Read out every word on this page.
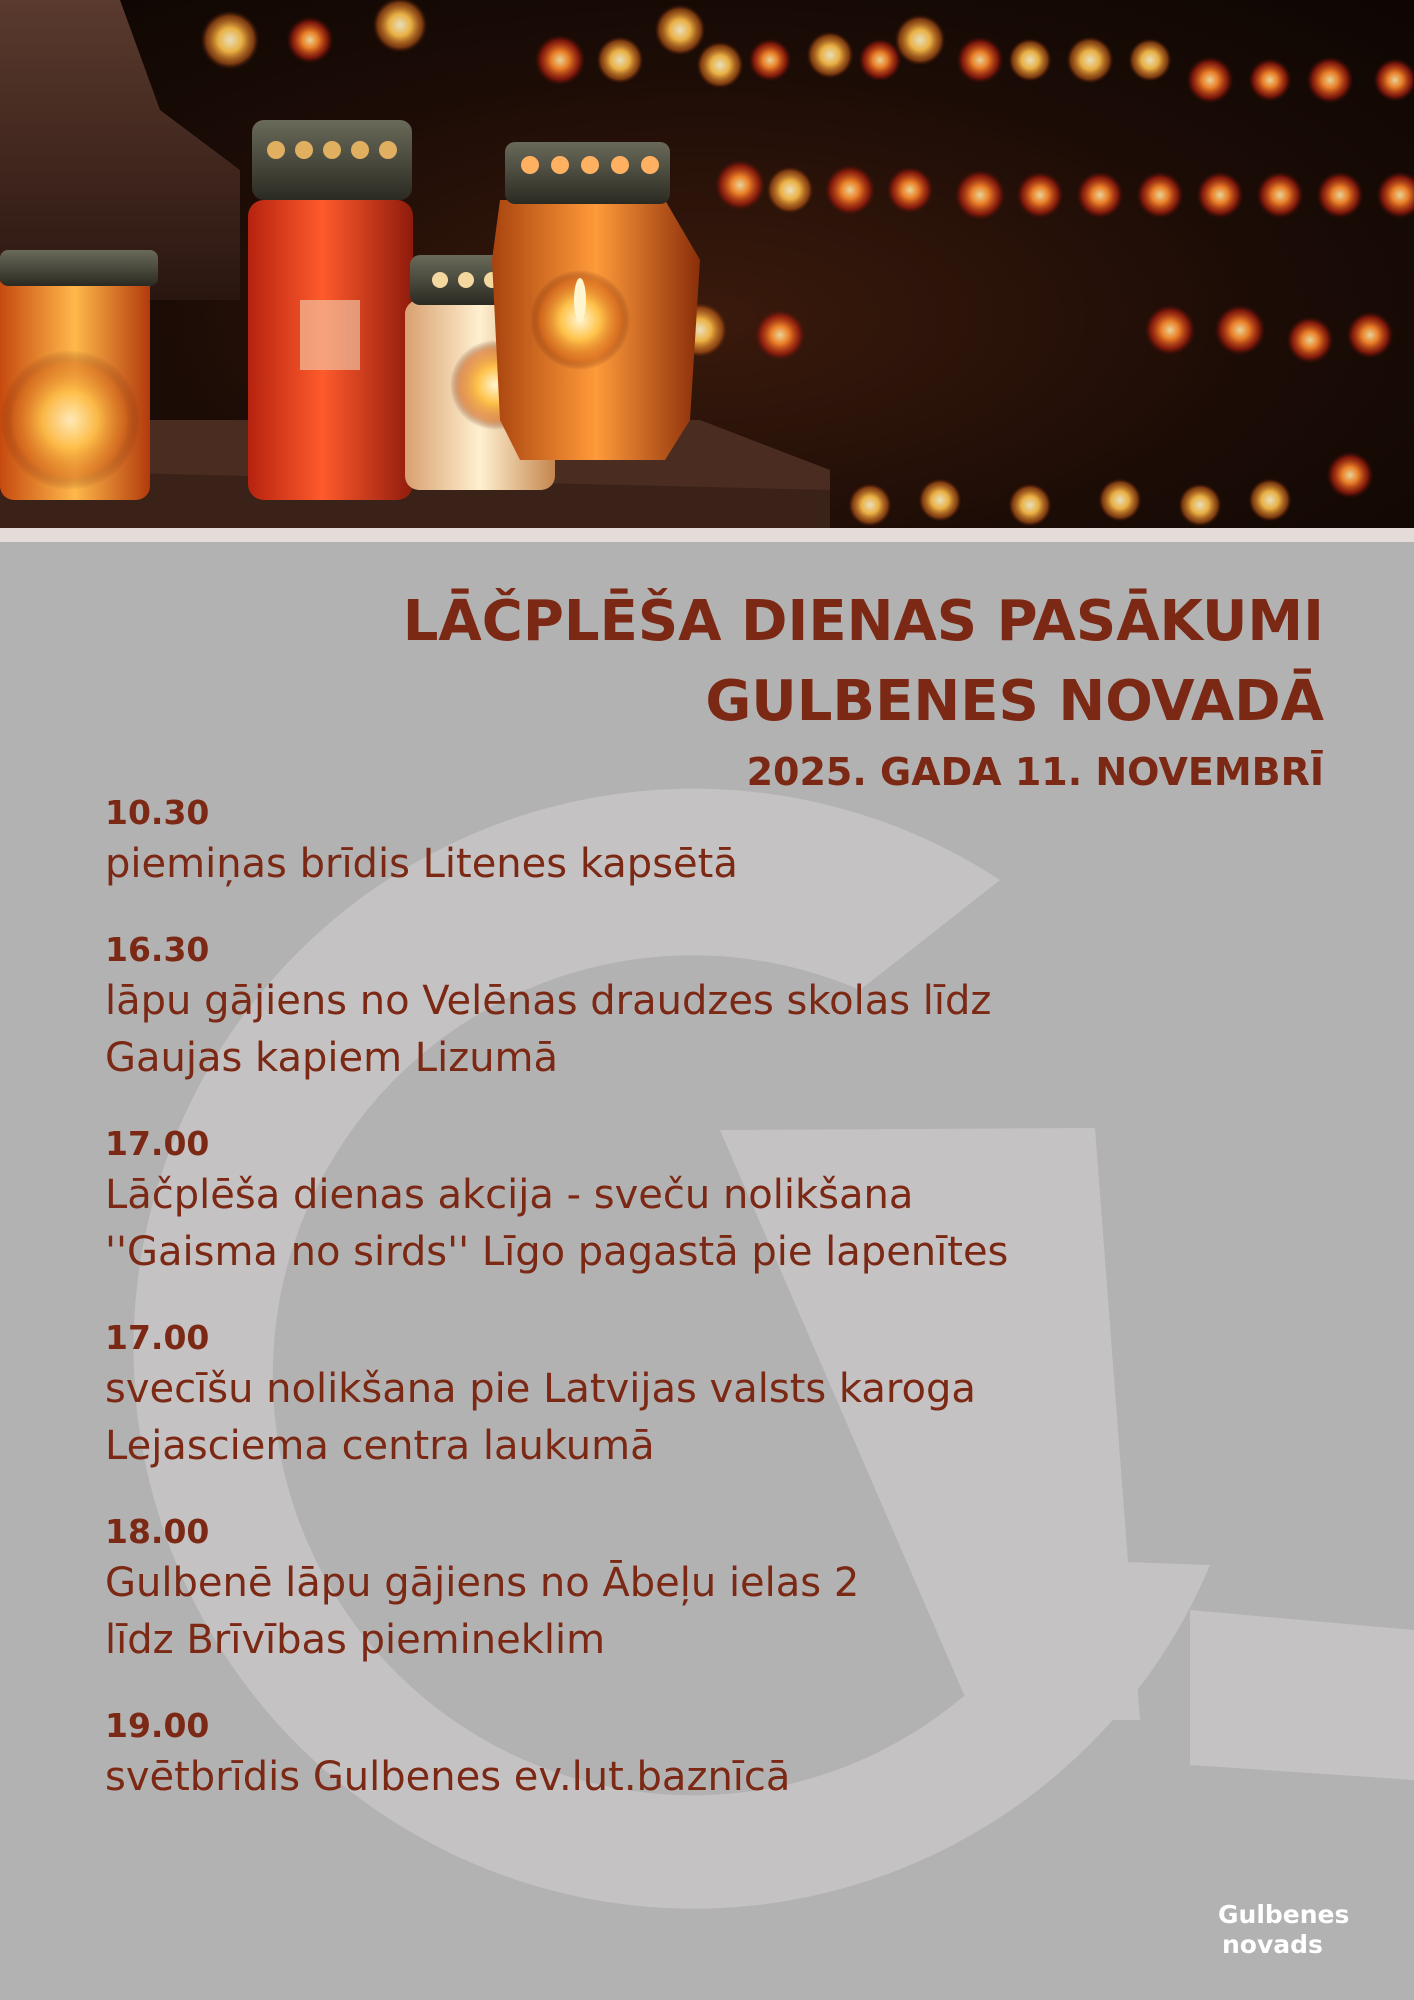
LĀČPLĒŠA DIENAS PASĀKUMI
GULBENES NOVADĀ
2025. GADA 11. NOVEMBRĪ
10.30
piemiņas brīdis Litenes kapsētā
16.30
lāpu gājiens no Velēnas draudzes skolas līdz
Gaujas kapiem Lizumā
17.00
Lāčplēša dienas akcija - sveču nolikšana
''Gaisma no sirds'' Līgo pagastā pie lapenītes
17.00
svecīšu nolikšana pie Latvijas valsts karoga
Lejasciema centra laukumā
18.00
Gulbenē lāpu gājiens no Ābeļu ielas 2
līdz Brīvības piemineklim
19.00
svētbrīdis Gulbenes ev.lut.baznīcā
Gulbenes
novads
